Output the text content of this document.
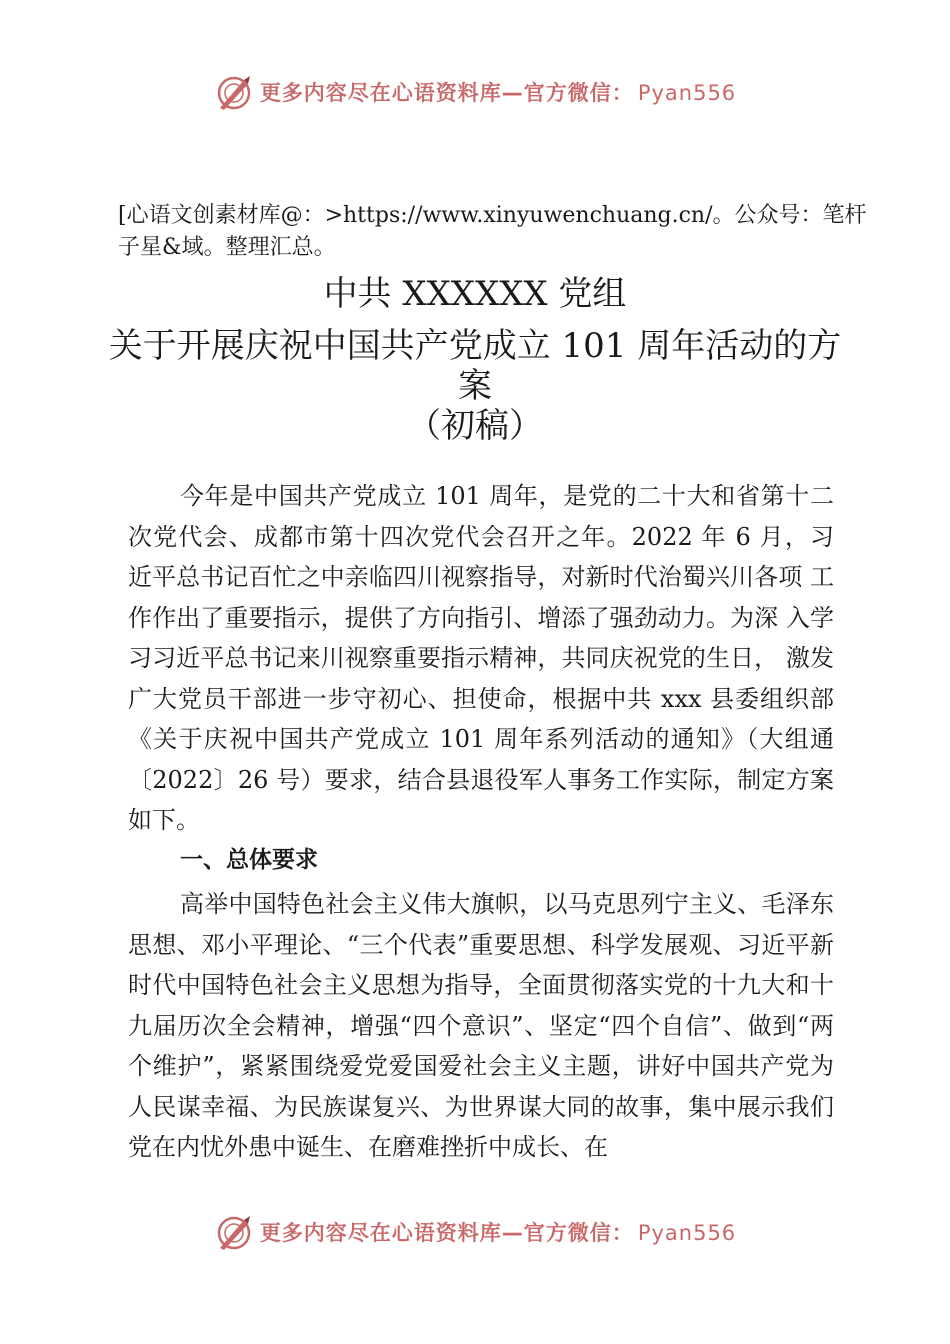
更多内容尽在心语资料库—官方微信： Pyan556
[心语文创素材库@：>https://www.xinyuwenchuang.cn/。公众号：笔杆子星&域。整理汇总。
中共 XXXXXX 党组
关于开展庆祝中国共产党成立 101 周年活动的方
案
（初稿）

今年是中国共产党成立 101 周年，是党的二十大和省第十二次党代会、成都市第十四次党代会召开之年。2022 年 6 月，习 近平总书记百忙之中亲临四川视察指导，对新时代治蜀兴川各项 工作作出了重要指示，提供了方向指引、增添了强劲动力。为深 入学习习近平总书记来川视察重要指示精神，共同庆祝党的生日， 激发广大党员干部进一步守初心、担使命，根据中共 xxx 县委组织部《关于庆祝中国共产党成立 101 周年系列活动的通知》（大组通〔2022〕26 号）要求，结合县退役军人事务工作实际，制定方案如下。

一、总体要求

高举中国特色社会主义伟大旗帜，以马克思列宁主义、毛泽东思想、邓小平理论、“三个代表”重要思想、科学发展观、习近平新时代中国特色社会主义思想为指导，全面贯彻落实党的十九大和十九届历次全会精神，增强“四个意识”、坚定“四个自信”、做到“两个维护”，紧紧围绕爱党爱国爱社会主义主题，讲好中国共产党为人民谋幸福、为民族谋复兴、为世界谋大同的故事，集中展示我们党在内忧外患中诞生、在磨难挫折中成长、在

更多内容尽在心语资料库—官方微信： Pyan556
